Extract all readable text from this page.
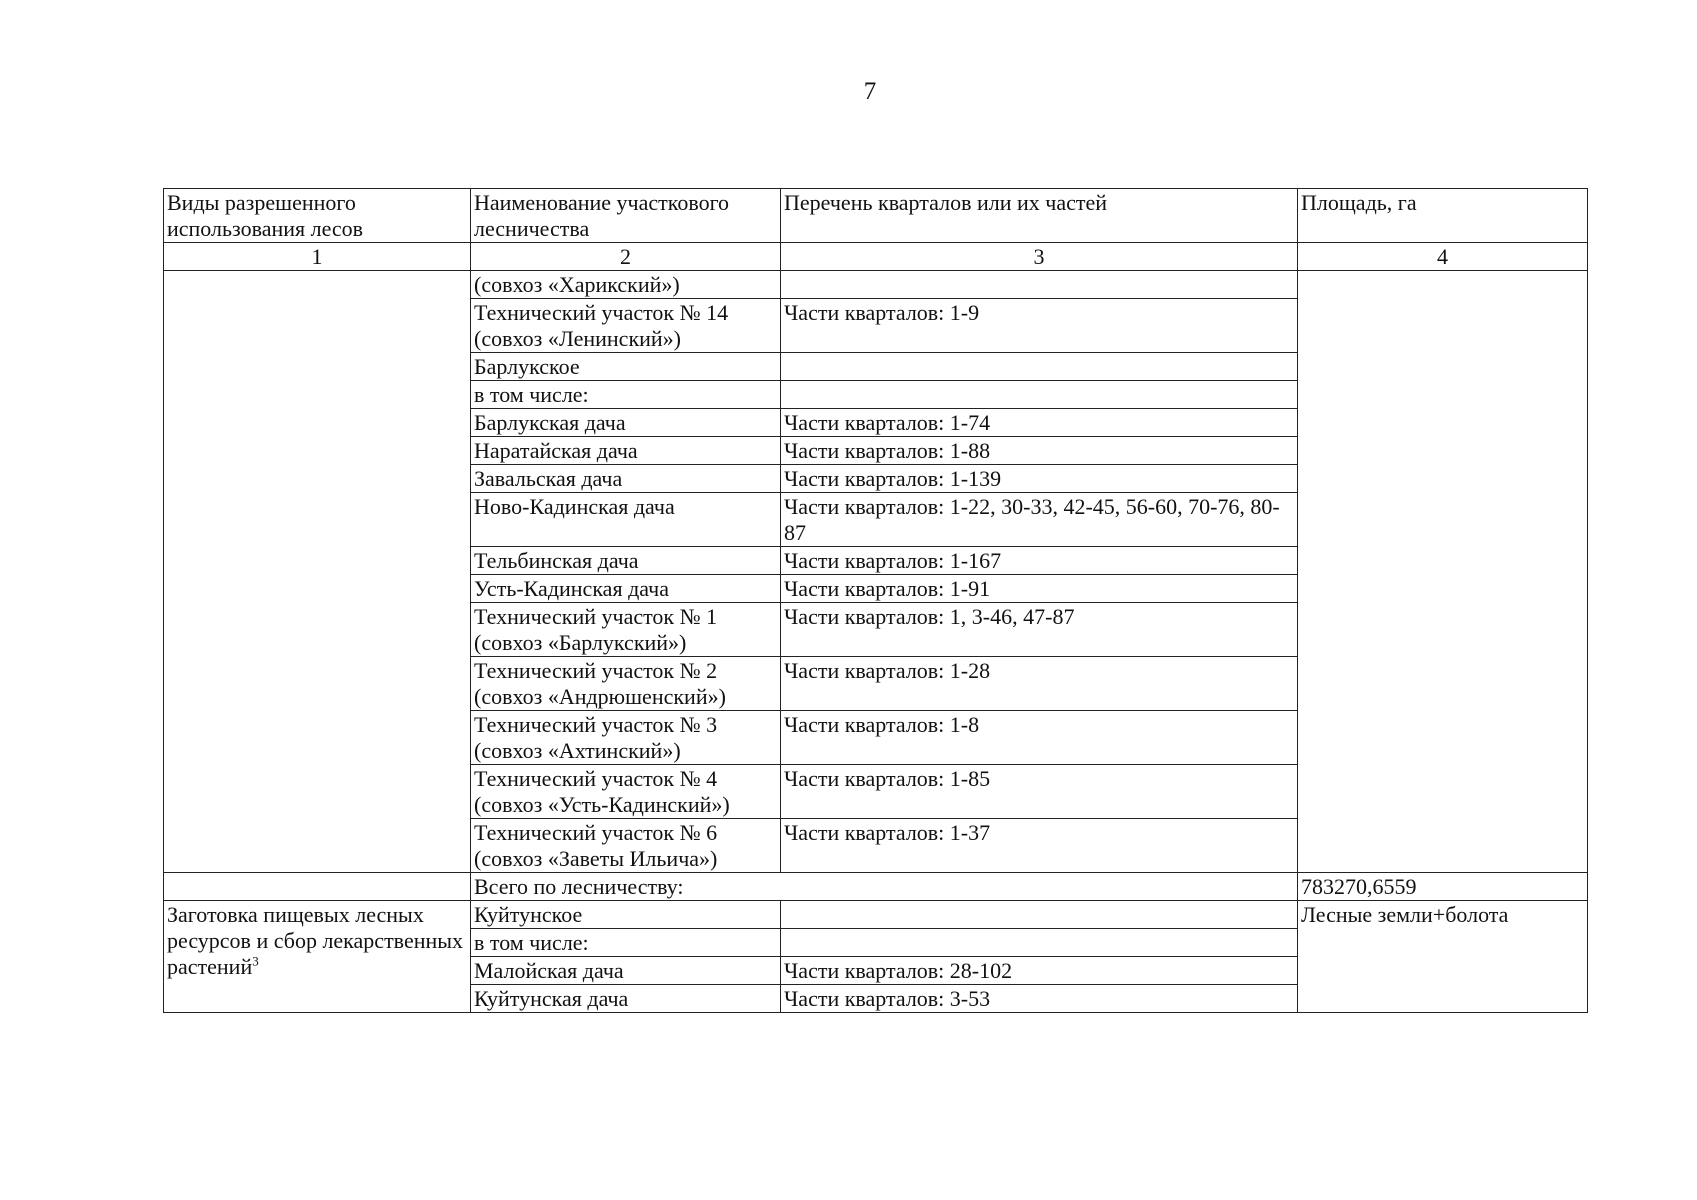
7
Виды разрешенного использования лесов	Наименование участкового лесничества	Перечень кварталов или их частей	Площадь, га
1	2	3	4
	(совхоз «Харикский»)		
	Технический участок № 14 (совхоз «Ленинский»)	Части кварталов: 1-9	
	Барлукское		
	в том числе:		
	Барлукская дача	Части кварталов: 1-74	
	Наратайская дача	Части кварталов: 1-88	
	Завальская дача	Части кварталов: 1-139	
	Ново-Кадинская дача	Части кварталов: 1-22, 30-33, 42-45, 56-60, 70-76, 80-87	
	Тельбинская дача	Части кварталов: 1-167	
	Усть-Кадинская дача	Части кварталов: 1-91	
	Технический участок № 1 (совхоз «Барлукский»)	Части кварталов: 1, 3-46, 47-87	
	Технический участок № 2 (совхоз «Андрюшенский»)	Части кварталов: 1-28	
	Технический участок № 3 (совхоз «Ахтинский»)	Части кварталов: 1-8	
	Технический участок № 4 (совхоз «Усть-Кадинский»)	Части кварталов: 1-85	
	Технический участок № 6 (совхоз «Заветы Ильича»)	Части кварталов: 1-37	
	Всего по лесничеству:		783270,6559
Заготовка пищевых лесных ресурсов и сбор лекарственных растений$^3$	Куйтунское		Лесные земли+болота
	в том числе:		
	Малойская дача	Части кварталов: 28-102	
	Куйтунская дача	Части кварталов: 3-53	
